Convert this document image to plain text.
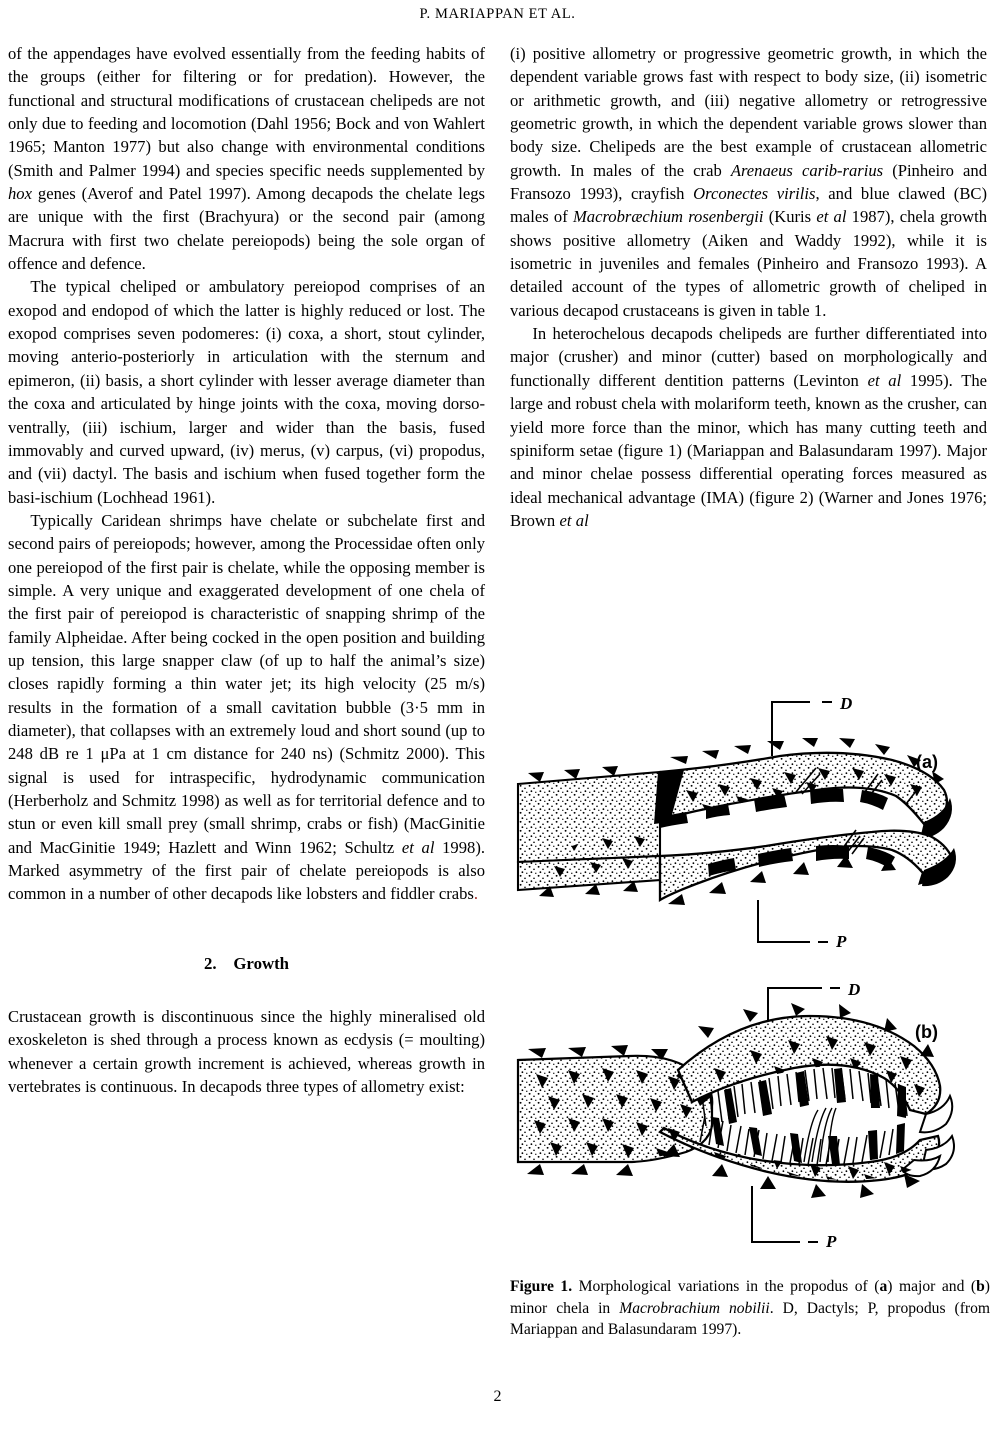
P. MARIAPPAN ET AL.

of the appendages have evolved essentially from the feeding habits of the groups (either for filtering or for predation). However, the functional and structural modifications of crustacean chelipeds are not only due to feeding and locomotion (Dahl 1956; Bock and von Wahlert 1965; Manton 1977) but also change with environmental conditions (Smith and Palmer 1994) and species specific needs supplemented by hox genes (Averof and Patel 1997). Among decapods the chelate legs are unique with the first (Brachyura) or the second pair (among Macrura with first two chelate pereiopods) being the sole organ of offence and defence.

The typical cheliped or ambulatory pereiopod comprises of an exopod and endopod of which the latter is highly reduced or lost. The exopod comprises seven podomeres: (i) coxa, a short, stout cylinder, moving anterio-posteriorly in articulation with the sternum and epimeron, (ii) basis, a short cylinder with lesser average diameter than the coxa and articulated by hinge joints with the coxa, moving dorso-ventrally, (iii) ischium, larger and wider than the basis, fused immovably and curved upward, (iv) merus, (v) carpus, (vi) propodus, and (vii) dactyl. The basis and ischium when fused together form the basi-ischium (Lochhead 1961).

Typically Caridean shrimps have chelate or subchelate first and second pairs of pereiopods; however, among the Processidae often only one pereiopod of the first pair is chelate, while the opposing member is simple. A very unique and exaggerated development of one chela of the first pair of pereiopod is characteristic of snapping shrimp of the family Alpheidae. After being cocked in the open position and building up tension, this large snapper claw (of up to half the animal’s size) closes rapidly forming a thin water jet; its high velocity (25 m/s) results in the formation of a small cavitation bubble (3·5 mm in diameter), that collapses with an extremely loud and short sound (up to 248 dB re 1 μPa at 1 cm distance for 240 ns) (Schmitz 2000). This signal is used for intraspecific, hydrodynamic communication (Herberholz and Schmitz 1998) as well as for territorial defence and to stun or even kill small prey (small shrimp, crabs or fish) (MacGinitie and MacGinitie 1949; Hazlett and Winn 1962; Schultz et al 1998). Marked asymmetry of the first pair of chelate pereiopods is also common in a number of other decapods like lobsters and fiddler crabs.

2. Growth

Crustacean growth is discontinuous since the highly mineralised old exoskeleton is shed through a process known as ecdysis (= moulting) whenever a certain growth increment is achieved, whereas growth in vertebrates is continuous. In decapods three types of allometry exist:

(i) positive allometry or progressive geometric growth, in which the dependent variable grows fast with respect to body size, (ii) isometric or arithmetic growth, and (iii) negative allometry or retrogressive geometric growth, in which the dependent variable grows slower than body size. Chelipeds are the best example of crustacean allometric growth. In males of the crab Arenaeus carib-rarius (Pinheiro and Fransozo 1993), crayfish Orconectes virilis, and blue clawed (BC) males of Macrobræchium rosenbergii (Kuris et al 1987), chela growth shows positive allometry (Aiken and Waddy 1992), while it is isometric in juveniles and females (Pinheiro and Fransozo 1993). A detailed account of the types of allometric growth of cheliped in various decapod crustaceans is given in table 1.

In heterochelous decapods chelipeds are further differentiated into major (crusher) and minor (cutter) based on morphologically and functionally different dentition patterns (Levinton et al 1995). The large and robust chela with molariform teeth, known as the crusher, can yield more force than the minor, which has many cutting teeth and spiniform setae (figure 1) (Mariappan and Balasundaram 1997). Major and minor chelae possess differential operating forces measured as ideal mechanical advantage (IMA) (figure 2) (Warner and Jones 1976; Brown et al

(a)
D
P
(b)
D
P

Figure 1. Morphological variations in the propodus of (a) major and (b) minor chela in Macrobrachium nobilii. D, Dactyls; P, propodus (from Mariappan and Balasundaram 1997).

2
